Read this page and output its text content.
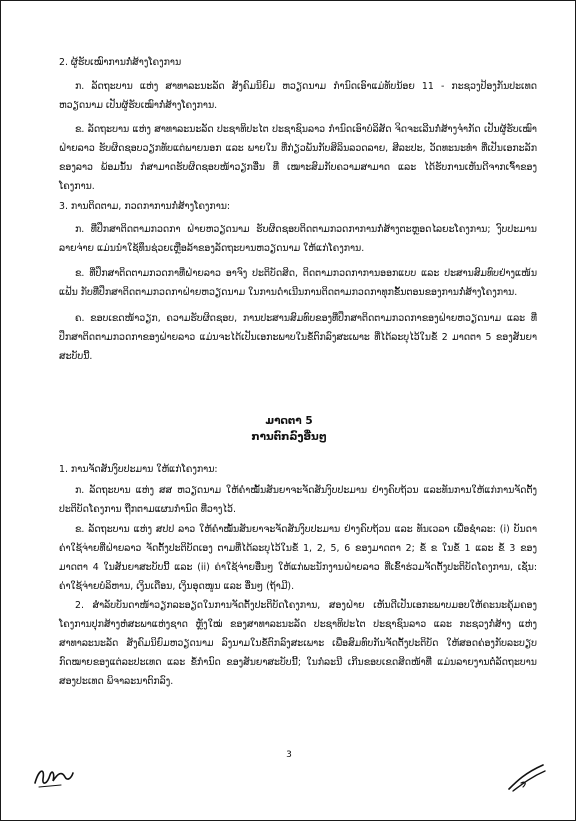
2. ຜູ້ຮັບເໝົາການກໍ່ສ້າງໂຄງການ
ກ. ລັດຖະບານ ແຫ່ງ ສາທາລະນະລັດ ສັງຄົມນິຍົມ ຫວຽດນາມ ກຳນົດເອົາແມ່ທັບນ້ອຍ 11 - ກະຊວງປ້ອງກັນປະເທດຫວຽດນາມ ເປັນຜູ້ຮັບເໝົາກໍ່ສ້າງໂຄງການ.
ຂ. ລັດຖະບານ ແຫ່ງ ສາທາລະນະລັດ ປະຊາທິປະໄຕ ປະຊາຊົນລາວ ກຳນົດເອົາບໍລິສັດ ຈິດຈະເລີນກໍ່ສ້າງຈຳກັດ ເປັນຜູ້ຮັບເໝົາຝ່າຍລາວ ຮັບຜິດຊອບວຽກທັບແຕ່ພາຍນອກ ແລະ ພາຍໃນ ທີ່ກ່ຽວພັນກັບສິລິນລວດລາຍ, ສີລະປະ, ວັດທະນະທຳ ທີ່ເປັນເອກະລັກຂອງລາວ ພ້ອມນັ້ນ ກໍສາມາດຮັບຜິດຊອບໜ້າວຽກອື່ນ ທີ່ ເໝາະສົມກັບຄວາມສາມາດ ແລະ ໄດ້ຮັບການເຫັນດີຈາກເຈົ້າຂອງໂຄງການ.
3. ການຕິດຕາມ, ກວດກາການກໍ່ສ້າງໂຄງການ:
ກ. ທີ່ປຶກສາຕິດຕາມກວດກາ ຝ່າຍຫວຽດນາມ ຮັບຜິດຊອບຕິດຕາມກວດກາການກໍ່ສ້າງຕະຫຼອດໄລຍະໂຄງການ; ງົບປະມານລາຍຈ່າຍ ແມ່ນນຳໃຊ້ທຶນຊ່ວຍເຫຼືອລ້າຂອງລັດຖະບານຫວຽດນາມ ໃຫ້ແກ່ໂຄງການ.
ຂ. ທີ່ປຶກສາຕິດຕາມກວດກາທີ່ຝ່າຍລາວ ອາຈົງ ປະຕິບັດສິດ, ຕິດຕາມກວດກາການອອກແບບ ແລະ ປະສານສົມທົບຢ່າງແໜ້ນແຟ້ນ ກັບທີ່ປຶກສາຕິດຕາມກວດກາຝ່າຍຫວຽດນາມ ໃນການດຳເນີນການຕິດຕາມກວດກາທຸກຂັ້ນຕອນຂອງການກໍ່ສ້າງໂຄງການ.
ຄ. ຂອບເຂດໜ້າວຽກ, ຄວາມຮັບຜິດຊອບ, ການປະສານສົມທົບຂອງທີ່ປຶກສາຕິດຕາມກວດກາຂອງຝ່າຍຫວຽດນາມ ແລະ ທີ່ປຶກສາຕິດຕາມກວດກາຂອງຝ່າຍລາວ ແມ່ນຈະໄດ້ເປັນເອກະພາບໃນຂໍ້ຕົກລົງສະເພາະ ທີ່ໄດ້ລະບຸໄວ້ໃນຂໍ້ 2 ມາດຕາ 5 ຂອງສັນຍາສະບັບນີ້.
ມາດຕາ 5
ການຕົກລົງອື່ນໆ
1. ການຈັດສັນງົບປະມານ ໃຫ້ແກ່ໂຄງການ:
ກ. ລັດຖະບານ ແຫ່ງ ສສ ຫວຽດນາມ ໃຫ້ຄຳໝັ້ນສັນຍາຈະຈັດສັນງົບປະມານ ຢ່າງຄົບຖ້ວນ ແລະທັນການໃຫ້ແກ່ການຈັດຕັ້ງປະຕິບັດໂຄງການ ຖືກຕາມແຜນກຳນົດ ທີ່ວາງໄວ້.
ຂ. ລັດຖະບານ ແຫ່ງ ສປປ ລາວ ໃຫ້ຄຳໝັ້ນສັນຍາຈະຈັດສັນງົບປະມານ ຢ່າງຄົບຖ້ວນ ແລະ ທັນເວລາ ເພື່ອຊຳລະ: (i) ບັນດາຄ່າໃຊ້ຈ່າຍທີ່ຝ່າຍລາວ ຈັດຕັ້ງປະຕິບັດເອງ ຕາມທີ່ໄດ້ລະບຸໄວ້ໃນຂໍ້ 1, 2, 5, 6 ຂອງມາດຕາ 2; ຂໍ້ ຂ ໃນຂໍ້ 1 ແລະ ຂໍ້ 3 ຂອງມາດຕາ 4 ໃນສັນຍາສະບັບນີ້ ແລະ (ii) ຄ່າໃຊ້ຈ່າຍອື່ນໆ ໃຫ້ແກ່ພະນັກງານຝ່າຍລາວ ທີ່ເຂົ້າຮ່ວມຈັດຕັ້ງປະຕິບັດໂຄງການ, ເຊັ່ນ: ຄ່າໃຊ້ຈ່າຍບໍລິຫານ, ເງິນເດືອນ, ເງິນອຸດໜູນ ແລະ ອື່ນໆ (ຖ້າມີ).
2. ສຳລັບບັນດາໜ້າວຽກລະອຽດໃນການຈັດຕັ້ງປະຕິບັດໂຄງການ, ສອງຝ່າຍ ເຫັນດີເປັນເອກະພາບມອບໃຫ້ຄະນະຄຸ້ມຄອງໂຄງການປຸກສ້າງຫໍສະພາແຫ່ງຊາດ ຫຼັງໃໝ່ ຂອງສາທາລະນະລັດ ປະຊາທິປະໄຕ ປະຊາຊົນລາວ ແລະ ກະຊວງກໍ່ສ້າງ ແຫ່ງ ສາທາລະນະລັດ ສັງຄົມນິຍົມຫວຽດນາມ ລົງນາມໃນຂໍ້ຕົກລົງສະເພາະ ເພື່ອສົມທົບກັນຈັດຕັ້ງປະຕິບັດ ໃຫ້ສອດຄ່ອງກັບລະບຽບກົດໝາຍຂອງແຕ່ລະປະເທດ ແລະ ຂໍ້ກຳນົດ ຂອງສັນຍາສະບັບນີ້; ໃນກໍລະນີ ເກີນຂອບເຂດສິດໜ້າທີ່ ແມ່ນລາຍງານຕໍ່ລັດຖະບານສອງປະເທດ ພິຈາລະນາຕົກລົງ.
3
